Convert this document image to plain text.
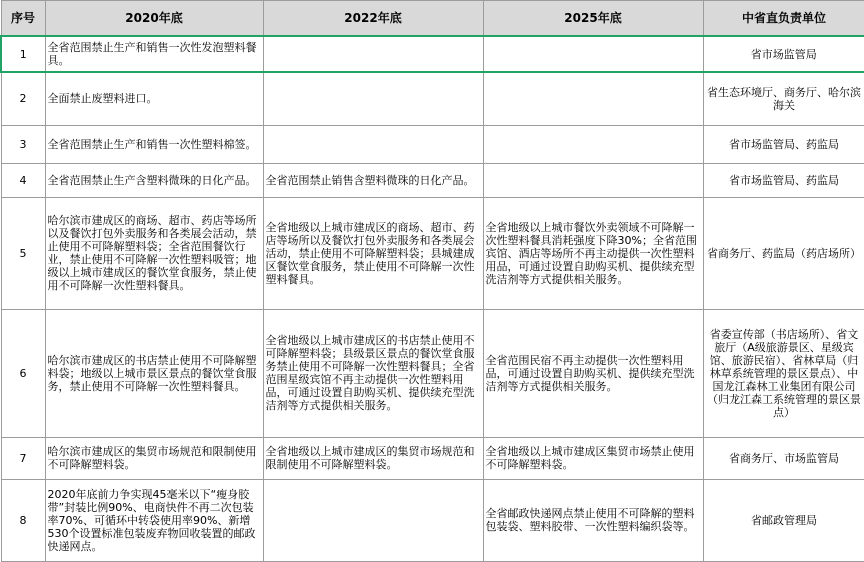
序号	2020年底	2022年底	2025年底	中省直负责单位
1	全省范围禁止生产和销售一次性发泡塑料餐具。			省市场监管局
2	全面禁止废塑料进口。			省生态环境厅、商务厅、哈尔滨海关
3	全省范围禁止生产和销售一次性塑料棉签。			省市场监管局、药监局
4	全省范围禁止生产含塑料微珠的日化产品。	全省范围禁止销售含塑料微珠的日化产品。		省市场监管局、药监局
5	哈尔滨市建成区的商场、超市、药店等场所以及餐饮打包外卖服务和各类展会活动，禁止使用不可降解塑料袋；全省范围餐饮行业，禁止使用不可降解一次性塑料吸管；地级以上城市建成区的餐饮堂食服务，禁止使用不可降解一次性塑料餐具。	全省地级以上城市建成区的商场、超市、药店等场所以及餐饮打包外卖服务和各类展会活动，禁止使用不可降解塑料袋；县城建成区餐饮堂食服务，禁止使用不可降解一次性塑料餐具。	全省地级以上城市餐饮外卖领域不可降解一次性塑料餐具消耗强度下降30%；全省范围宾馆、酒店等场所不再主动提供一次性塑料用品，可通过设置自助购买机、提供续充型洗洁剂等方式提供相关服务。	省商务厅、药监局（药店场所）
6	哈尔滨市建成区的书店禁止使用不可降解塑料袋；地级以上城市景区景点的餐饮堂食服务，禁止使用不可降解一次性塑料餐具。	全省地级以上城市建成区的书店禁止使用不可降解塑料袋；县级景区景点的餐饮堂食服务禁止使用不可降解一次性塑料餐具；全省范围星级宾馆不再主动提供一次性塑料用品，可通过设置自助购买机、提供续充型洗洁剂等方式提供相关服务。	全省范围民宿不再主动提供一次性塑料用品，可通过设置自助购买机、提供续充型洗洁剂等方式提供相关服务。	省委宣传部（书店场所）、省文旅厅（A级旅游景区、星级宾馆、旅游民宿）、省林草局（归林草系统管理的景区景点）、中国龙江森林工业集团有限公司（归龙江森工系统管理的景区景点）
7	哈尔滨市建成区的集贸市场规范和限制使用不可降解塑料袋。	全省地级以上城市建成区的集贸市场规范和限制使用不可降解塑料袋。	全省地级以上城市建成区集贸市场禁止使用不可降解塑料袋。	省商务厅、市场监管局
8	2020年底前力争实现45毫米以下“瘦身胶带”封装比例90%、电商快件不再二次包装率70%、可循环中转袋使用率90%、新增530个设置标准包装废弃物回收装置的邮政快递网点。		全省邮政快递网点禁止使用不可降解的塑料包装袋、塑料胶带、一次性塑料编织袋等。	省邮政管理局
